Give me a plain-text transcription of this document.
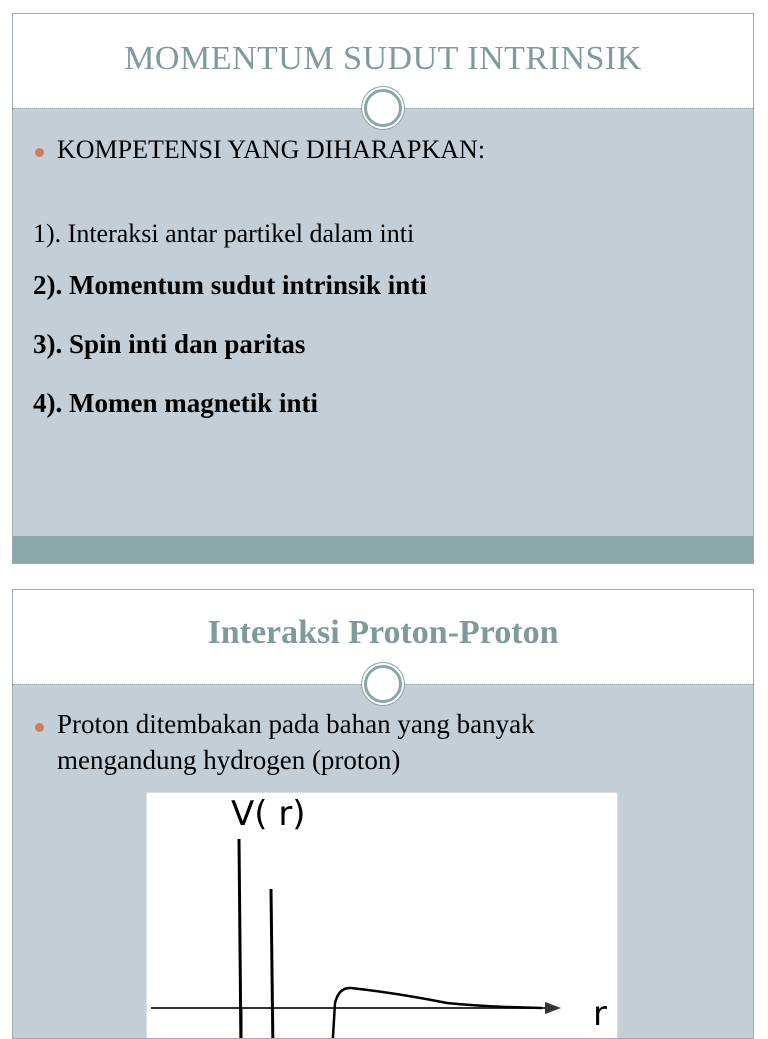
MOMENTUM SUDUT INTRINSIK
KOMPETENSI YANG DIHARAPKAN:
1). Interaksi antar partikel dalam inti
2). Momentum sudut intrinsik inti
3). Spin inti dan paritas
4). Momen magnetik inti
Interaksi Proton-Proton
Proton ditembakan pada bahan yang banyak
mengandung hydrogen (proton)
V( r)
r
